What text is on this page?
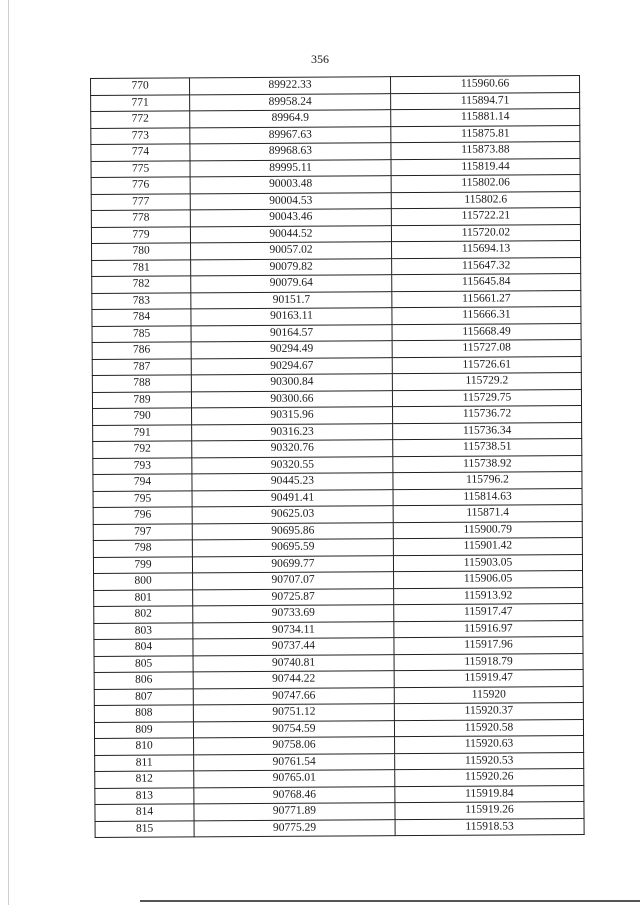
356
770	89922.33	115960.66
771	89958.24	115894.71
772	89964.9	115881.14
773	89967.63	115875.81
774	89968.63	115873.88
775	89995.11	115819.44
776	90003.48	115802.06
777	90004.53	115802.6
778	90043.46	115722.21
779	90044.52	115720.02
780	90057.02	115694.13
781	90079.82	115647.32
782	90079.64	115645.84
783	90151.7	115661.27
784	90163.11	115666.31
785	90164.57	115668.49
786	90294.49	115727.08
787	90294.67	115726.61
788	90300.84	115729.2
789	90300.66	115729.75
790	90315.96	115736.72
791	90316.23	115736.34
792	90320.76	115738.51
793	90320.55	115738.92
794	90445.23	115796.2
795	90491.41	115814.63
796	90625.03	115871.4
797	90695.86	115900.79
798	90695.59	115901.42
799	90699.77	115903.05
800	90707.07	115906.05
801	90725.87	115913.92
802	90733.69	115917.47
803	90734.11	115916.97
804	90737.44	115917.96
805	90740.81	115918.79
806	90744.22	115919.47
807	90747.66	115920
808	90751.12	115920.37
809	90754.59	115920.58
810	90758.06	115920.63
811	90761.54	115920.53
812	90765.01	115920.26
813	90768.46	115919.84
814	90771.89	115919.26
815	90775.29	115918.53
